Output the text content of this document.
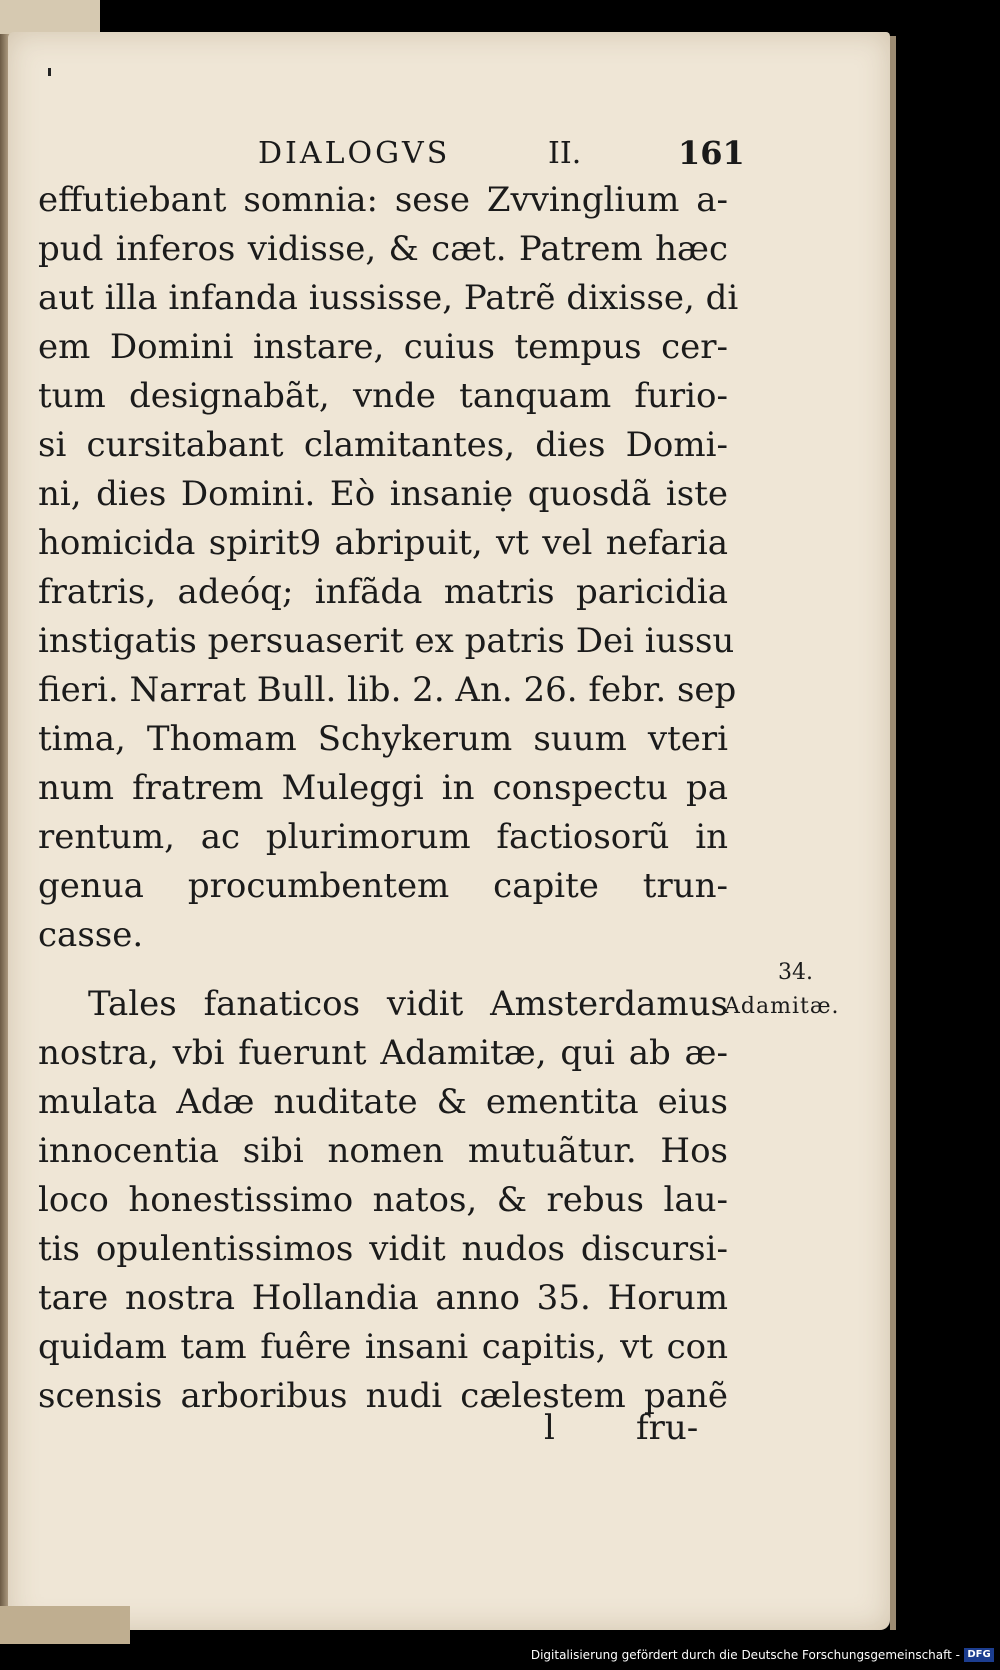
DIALOGVS	II.	161
effutiebant somnia: sese Zvvinglium a-
pud inferos vidisse, & cæt. Patrem hæc
aut illa infanda iussisse, Patrẽ dixisse, di
em Domini instare, cuius tempus cer-
tum designabãt, vnde tanquam furio-
si cursitabant clamitantes, dies Domi-
ni, dies Domini. Eò insaniẹ quosdã iste
homicida spirit9 abripuit, vt vel nefaria
fratris, adeóq; infãda matris paricidia
instigatis persuaserit ex patris Dei iussu
fieri. Narrat Bull. lib. 2. An. 26. febr. sep
tima, Thomam Schykerum suum vteri
num fratrem Muleggi in conspectu pa
rentum, ac plurimorum factiosorũ in
genua procumbentem capite trun-
casse.
Tales fanaticos vidit Amsterdamus
nostra, vbi fuerunt Adamitæ, qui ab æ-
mulata Adæ nuditate & ementita eius
innocentia sibi nomen mutuãtur. Hos
loco honestissimo natos, & rebus lau-
tis opulentissimos vidit nudos discursi-
tare nostra Hollandia anno 35. Horum
quidam tam fuêre insani capitis, vt con
scensis arboribus nudi cælestem panẽ
34.
Adamitæ.
l fru-
Digitalisierung gefördert durch die Deutsche Forschungsgemeinschaft - DFG
